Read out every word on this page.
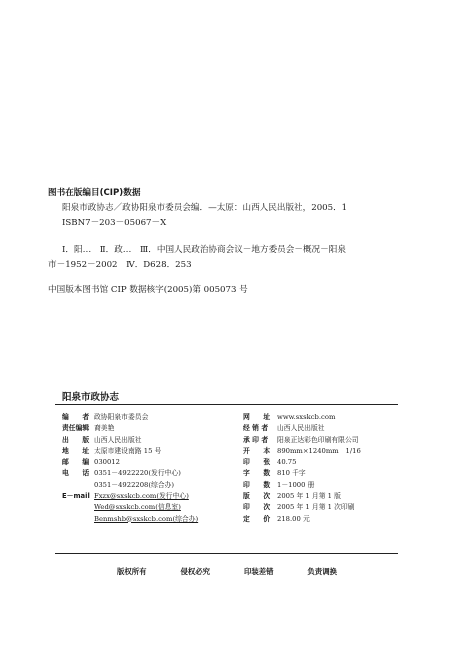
图书在版编目(CIP)数据
阳泉市政协志／政协阳泉市委员会编．—太原：山西人民出版社，2005．1
ISBN7－203－05067－X
Ⅰ．阳…　Ⅱ．政…　Ⅲ．中国人民政治协商会议－地方委员会－概况－阳泉
市－1952－2002　Ⅳ．D628．253
中国版本图书馆 CIP 数据核字(2005)第 005073 号
阳泉市政协志
编　　者 政协阳泉市委员会
责任编辑 裔美艳
出　　版 山西人民出版社
地　　址 太原市建设南路 15 号
邮　　编 030012
电　　话 0351－4922220(发行中心)
0351－4922208(综合办)
E－mail Fxzx@sxskcb.com(发行中心)
Wed@sxskcb.com(信息室)
Benmshb@sxskcb.com(综合办)
网　　址	www.sxskcb.com
经 销 者	山西人民出版社
承 印 者	阳泉正达彩色印刷有限公司
开　　本	890mm×1240mm　1/16
印　　张	40.75
字　　数	810 千字
印　　数	1－1000 册
版　　次	2005 年 1 月第 1 版
印　　次	2005 年 1 月第 1 次印刷
定　　价	218.00 元
版权所有	侵权必究	印装差错	负责调换
